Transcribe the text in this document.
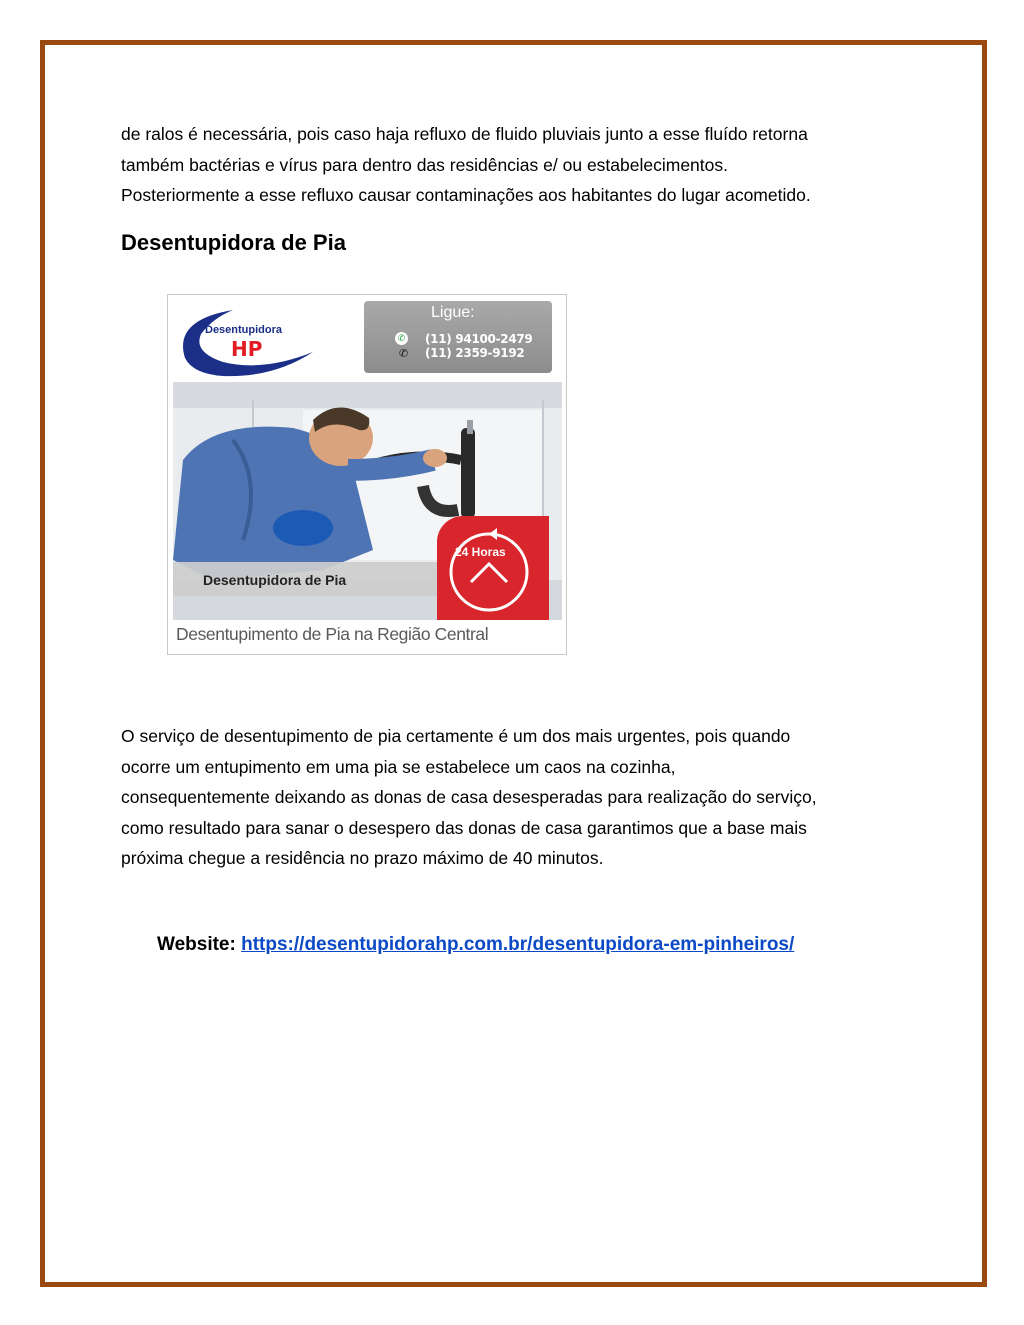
de ralos é necessária, pois caso haja refluxo de fluido pluviais junto a esse fluído retorna

também bactérias e vírus para dentro das residências e/ ou estabelecimentos.

Posteriormente a esse refluxo causar contaminações aos habitantes do lugar acometido.

Desentupidora de Pia
Desentupidora
HP
Ligue:
✆ (11) 94100-2479
✆ (11) 2359-9192
Desentupidora de Pia
24 Horas
Desentupimento de Pia na Região Central

O serviço de desentupimento de pia certamente é um dos mais urgentes, pois quando

ocorre um entupimento em uma pia se estabelece um caos na cozinha,

consequentemente deixando as donas de casa desesperadas para realização do serviço,

como resultado para sanar o desespero das donas de casa garantimos que a base mais

próxima chegue a residência no prazo máximo de 40 minutos.

Website: https://desentupidorahp.com.br/desentupidora-em-pinheiros/
